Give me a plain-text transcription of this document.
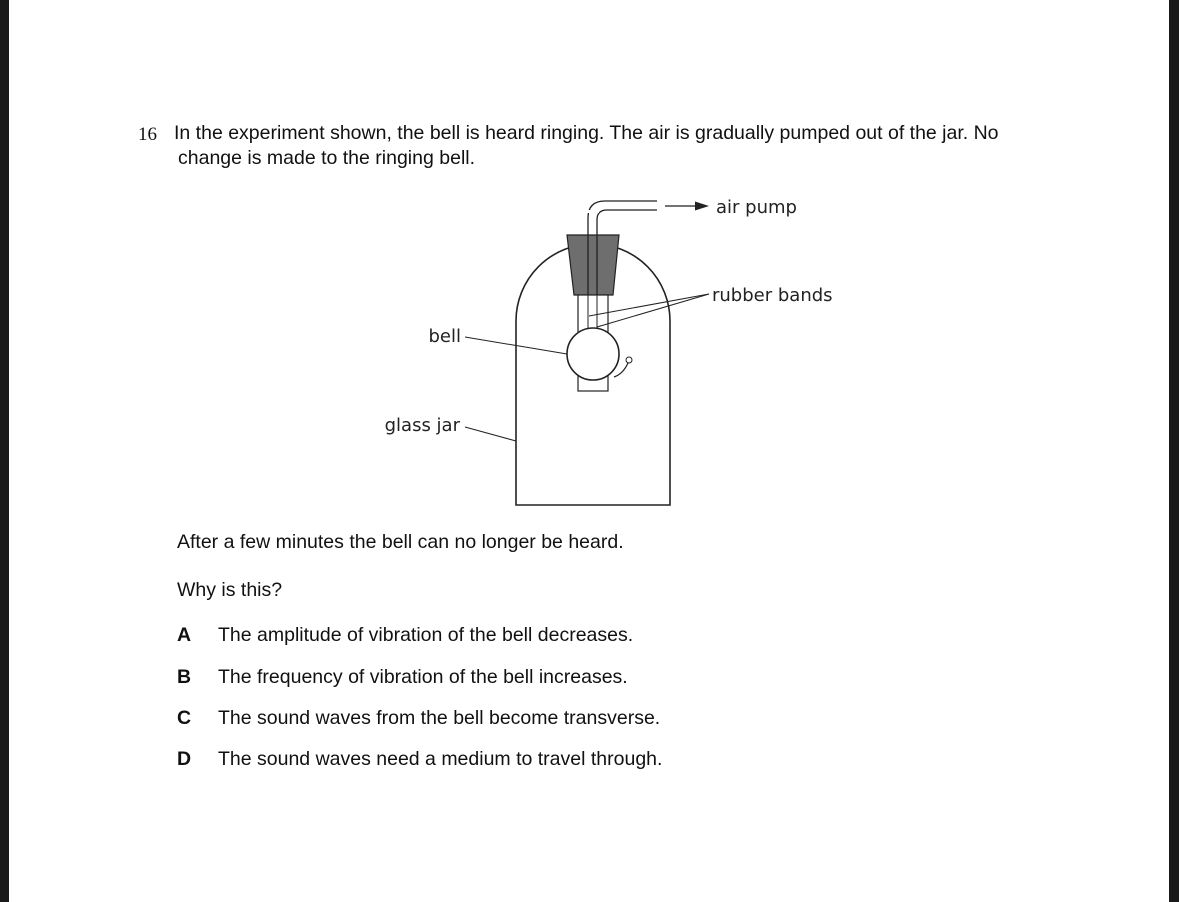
16 In the experiment shown, the bell is heard ringing. The air is gradually pumped out of the jar. No
change is made to the ringing bell.
air pump
rubber bands
bell
glass jar
After a few minutes the bell can no longer be heard.
Why is this?
A	The amplitude of vibration of the bell decreases.
B	The frequency of vibration of the bell increases.
C	The sound waves from the bell become transverse.
D	The sound waves need a medium to travel through.
